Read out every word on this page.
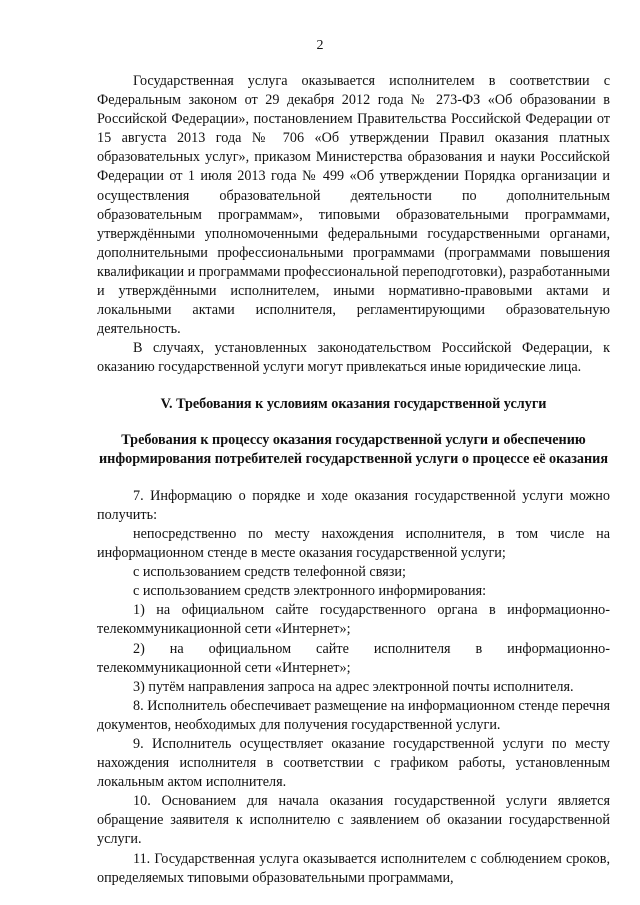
2

Государственная услуга оказывается исполнителем в соответствии с Федеральным законом от 29 декабря 2012 года № 273-ФЗ «Об образовании в Российской Федерации», постановлением Правительства Российской Федерации от 15 августа 2013 года № 706 «Об утверждении Правил оказания платных образовательных услуг», приказом Министерства образования и науки Российской Федерации от 1 июля 2013 года № 499 «Об утверждении Порядка организации и осуществления образовательной деятельности по дополнительным образовательным программам», типовыми образовательными программами, утверждёнными уполномоченными федеральными государственными органами, дополнительными профессиональными программами (программами повышения квалификации и программами профессиональной переподготовки), разработанными и утверждёнными исполнителем, иными нормативно-правовыми актами и локальными актами исполнителя, регламентирующими образовательную деятельность.

В случаях, установленных законодательством Российской Федерации, к оказанию государственной услуги могут привлекаться иные юридические лица.

V. Требования к условиям оказания государственной услуги

Требования к процессу оказания государственной услуги и обеспечению информирования потребителей государственной услуги о процессе её оказания

7. Информацию о порядке и ходе оказания государственной услуги можно получить:

непосредственно по месту нахождения исполнителя, в том числе на информационном стенде в месте оказания государственной услуги;

с использованием средств телефонной связи;

с использованием средств электронного информирования:

1) на официальном сайте государственного органа в информационно-телекоммуникационной сети «Интернет»;

2) на официальном сайте исполнителя в информационно-телекоммуникационной сети «Интернет»;

3) путём направления запроса на адрес электронной почты исполнителя.

8. Исполнитель обеспечивает размещение на информационном стенде перечня документов, необходимых для получения государственной услуги.

9. Исполнитель осуществляет оказание государственной услуги по месту нахождения исполнителя в соответствии с графиком работы, установленным локальным актом исполнителя.

10. Основанием для начала оказания государственной услуги является обращение заявителя к исполнителю с заявлением об оказании государственной услуги.

11. Государственная услуга оказывается исполнителем с соблюдением сроков, определяемых типовыми образовательными программами,
